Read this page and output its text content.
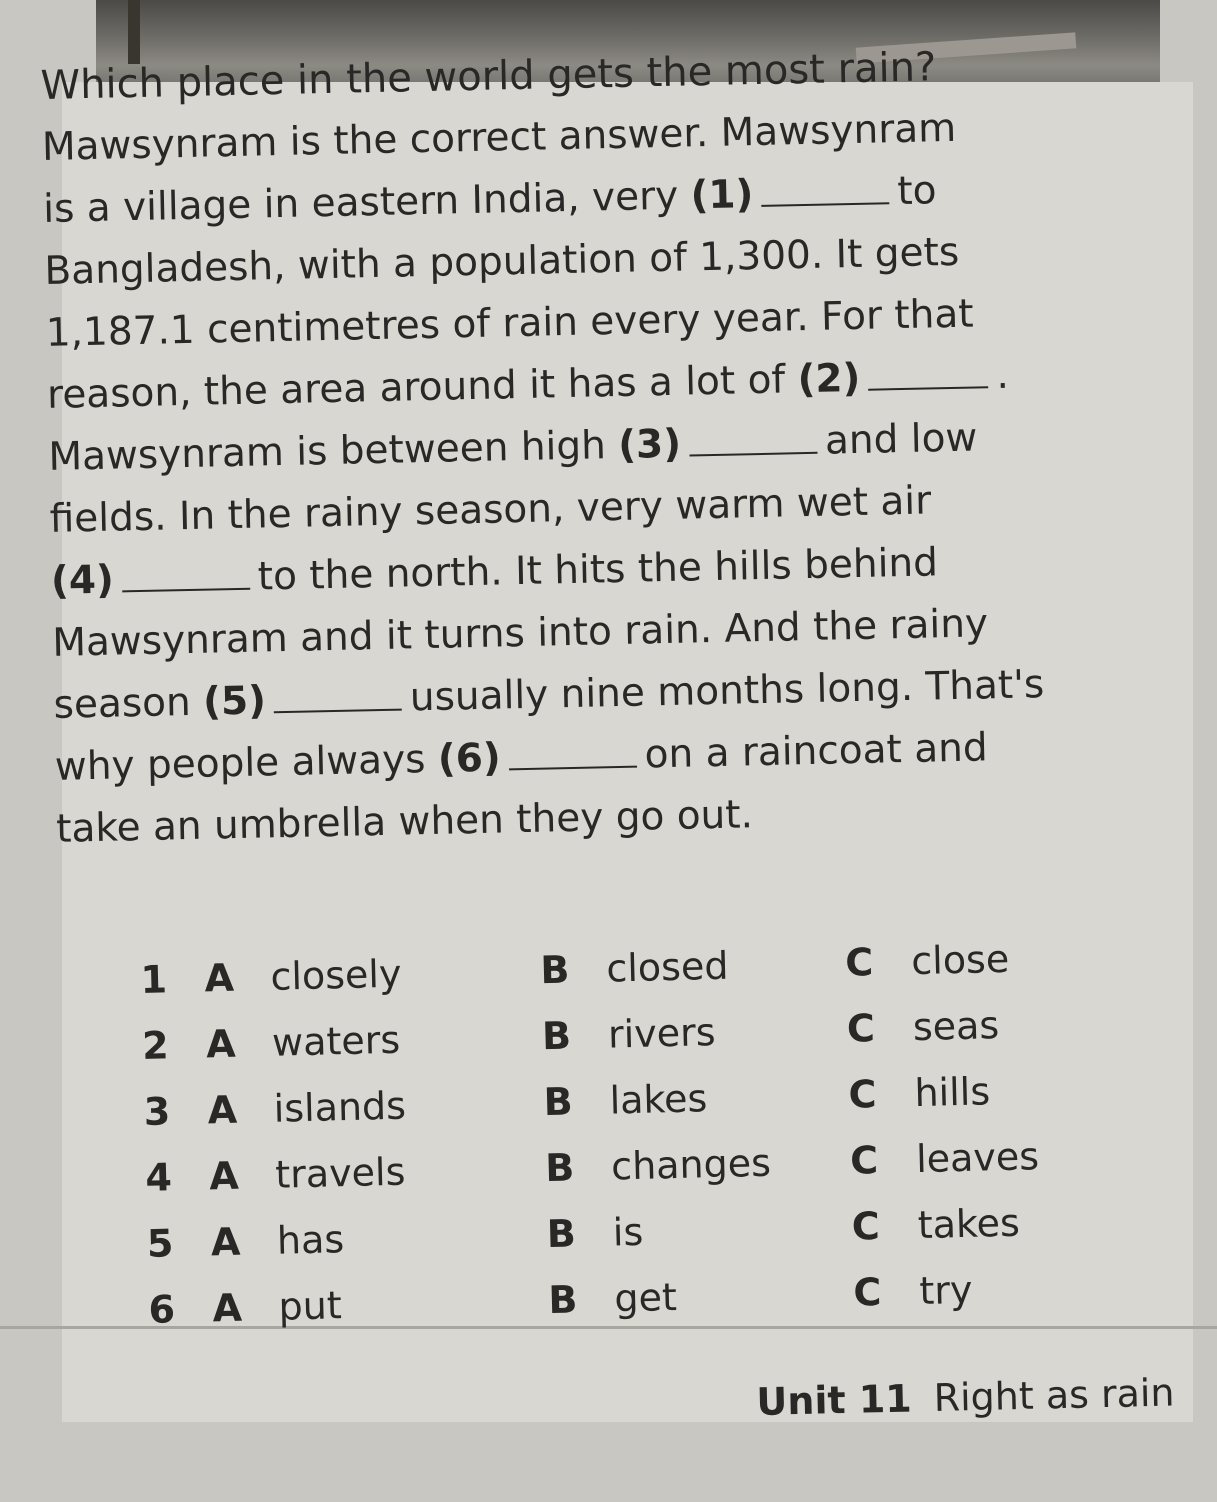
Which place in the world gets the most rain?
Mawsynram is the correct answer. Mawsynram
is a village in eastern India, very (1)	to
Bangladesh, with a population of 1,300. It gets
1,187.1 centimetres of rain every year. For that
reason, the area around it has a lot of (2)	.
Mawsynram is between high (3)	and low
fields. In the rainy season, very warm wet air
(4)	to the north. It hits the hills behind
Mawsynram and it turns into rain. And the rainy
season (5)	usually nine months long. That's
why people always (6)	on a raincoat and
take an umbrella when they go out.
1 A closely	B closed	C close
2 A waters	B rivers	C seas
3 A islands	B lakes	C hills
4 A travels	B changes C leaves
5 A has	B is	C takes
6 A put	B get	C try
Unit 11 Right as rain
